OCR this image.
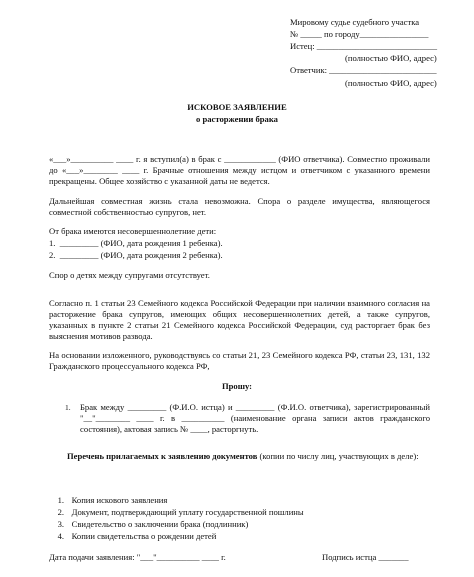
Мировому судье судебного участка
№ _____ по городу________________
Истец: ____________________________
(полностью ФИО, адрес)
Ответчик: _________________________
(полностью ФИО, адрес)
ИСКОВОЕ ЗАЯВЛЕНИЕ
о расторжении брака
«___»__________ ____ г. я вступил(а) в брак с ____________ (ФИО ответчика). Совместно проживали до «___»________ ____ г. Брачные отношения между истцом и ответчиком с указанного времени прекращены. Общее хозяйство с указанной даты не ведется.
Дальнейшая совместная жизнь стала невозможна. Спора о разделе имущества, являющегося совместной собственностью супругов, нет.
От брака имеются несовершеннолетние дети:
1.  _________ (ФИО, дата рождения 1 ребенка).
2.  _________ (ФИО, дата рождения 2 ребенка).
Спор о детях между супругами отсутствует.
Согласно п. 1 статьи 23 Семейного кодекса Российской Федерации при наличии взаимного согласия на расторжение брака супругов, имеющих общих несовершеннолетних детей, а также супругов, указанных в пункте 2 статьи 21 Семейного кодекса Российской Федерации, суд расторгает брак без выяснения мотивов развода.
На основании изложенного, руководствуясь со статьи 21, 23 Семейного кодекса РФ, статьи 23, 131, 132 Гражданского процессуального кодекса РФ,
Прошу:
1. Брак между _________ (Ф.И.О. истца) и _________ (Ф.И.О. ответчика), зарегистрированный "__"________ ____ г. в __________ (наименование органа записи актов гражданского состояния), актовая запись № ____, расторгнуть.
Перечень прилагаемых к заявлению документов (копии по числу лиц, участвующих в деле):

1. Копия искового заявления

2. Документ, подтверждающий уплату государственной пошлины

3. Свидетельство о заключении брака (подлинник)

4. Копии свидетельства о рождении детей

Дата подачи заявления: "___"__________ ____ г.	Подпись истца _______
